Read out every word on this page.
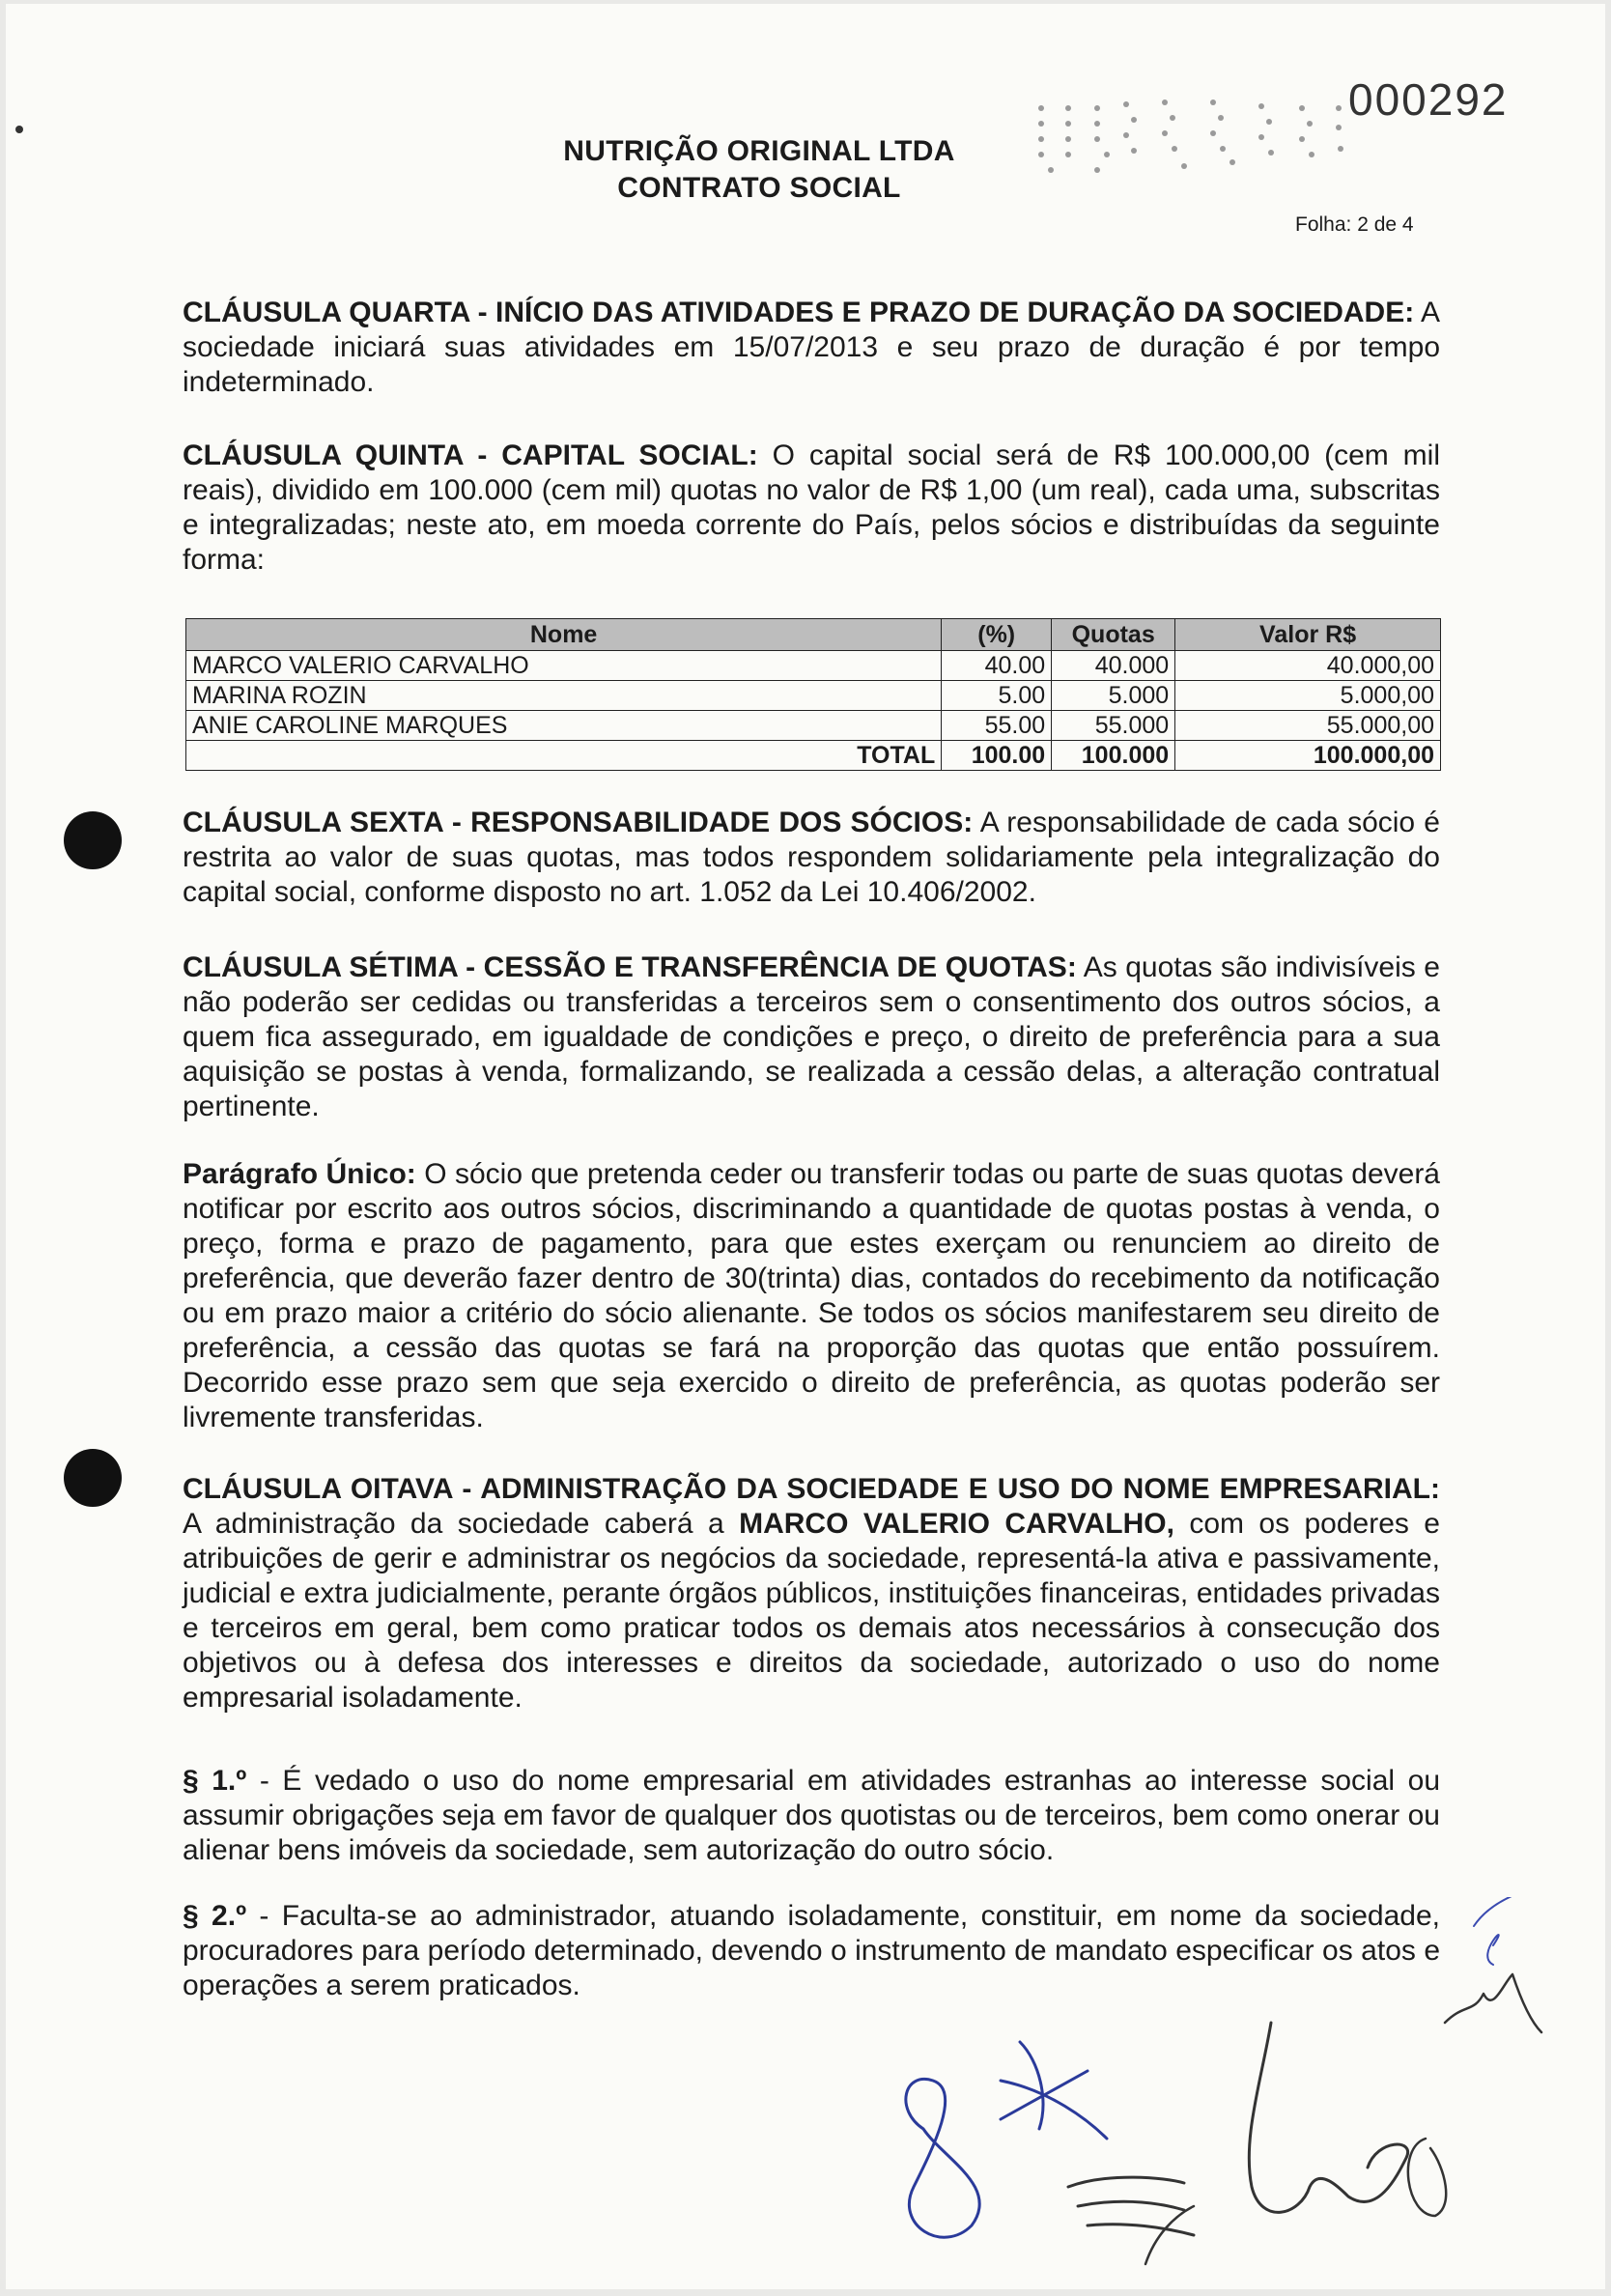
NUTRIÇÃO ORIGINAL LTDA
CONTRATO SOCIAL
000292
Folha: 2 de 4
CLÁUSULA QUARTA - INÍCIO DAS ATIVIDADES E PRAZO DE DURAÇÃO DA SOCIEDADE: A sociedade iniciará suas atividades em 15/07/2013 e seu prazo de duração é por tempo indeterminado.
CLÁUSULA QUINTA - CAPITAL SOCIAL: O capital social será de R$ 100.000,00 (cem mil reais), dividido em 100.000 (cem mil) quotas no valor de R$ 1,00 (um real), cada uma, subscritas e integralizadas; neste ato, em moeda corrente do País, pelos sócios e distribuídas da seguinte forma:
Nome	(%)	Quotas	Valor R$
MARCO VALERIO CARVALHO	40.00	40.000	40.000,00
MARINA ROZIN	5.00	5.000	5.000,00
ANIE CAROLINE MARQUES	55.00	55.000	55.000,00
TOTAL	100.00	100.000	100.000,00
CLÁUSULA SEXTA - RESPONSABILIDADE DOS SÓCIOS: A responsabilidade de cada sócio é restrita ao valor de suas quotas, mas todos respondem solidariamente pela integralização do capital social, conforme disposto no art. 1.052 da Lei 10.406/2002.
CLÁUSULA SÉTIMA - CESSÃO E TRANSFERÊNCIA DE QUOTAS: As quotas são indivisíveis e não poderão ser cedidas ou transferidas a terceiros sem o consentimento dos outros sócios, a quem fica assegurado, em igualdade de condições e preço, o direito de preferência para a sua aquisição se postas à venda, formalizando, se realizada a cessão delas, a alteração contratual pertinente.
Parágrafo Único: O sócio que pretenda ceder ou transferir todas ou parte de suas quotas deverá notificar por escrito aos outros sócios, discriminando a quantidade de quotas postas à venda, o preço, forma e prazo de pagamento, para que estes exerçam ou renunciem ao direito de preferência, que deverão fazer dentro de 30(trinta) dias, contados do recebimento da notificação ou em prazo maior a critério do sócio alienante. Se todos os sócios manifestarem seu direito de preferência, a cessão das quotas se fará na proporção das quotas que então possuírem. Decorrido esse prazo sem que seja exercido o direito de preferência, as quotas poderão ser livremente transferidas.
CLÁUSULA OITAVA - ADMINISTRAÇÃO DA SOCIEDADE E USO DO NOME EMPRESARIAL: A administração da sociedade caberá a MARCO VALERIO CARVALHO, com os poderes e atribuições de gerir e administrar os negócios da sociedade, representá-la ativa e passivamente, judicial e extra judicialmente, perante órgãos públicos, instituições financeiras, entidades privadas e terceiros em geral, bem como praticar todos os demais atos necessários à consecução dos objetivos ou à defesa dos interesses e direitos da sociedade, autorizado o uso do nome empresarial isoladamente.
§ 1.º - É vedado o uso do nome empresarial em atividades estranhas ao interesse social ou assumir obrigações seja em favor de qualquer dos quotistas ou de terceiros, bem como onerar ou alienar bens imóveis da sociedade, sem autorização do outro sócio.
§ 2.º - Faculta-se ao administrador, atuando isoladamente, constituir, em nome da sociedade, procuradores para período determinado, devendo o instrumento de mandato especificar os atos e operações a serem praticados.
